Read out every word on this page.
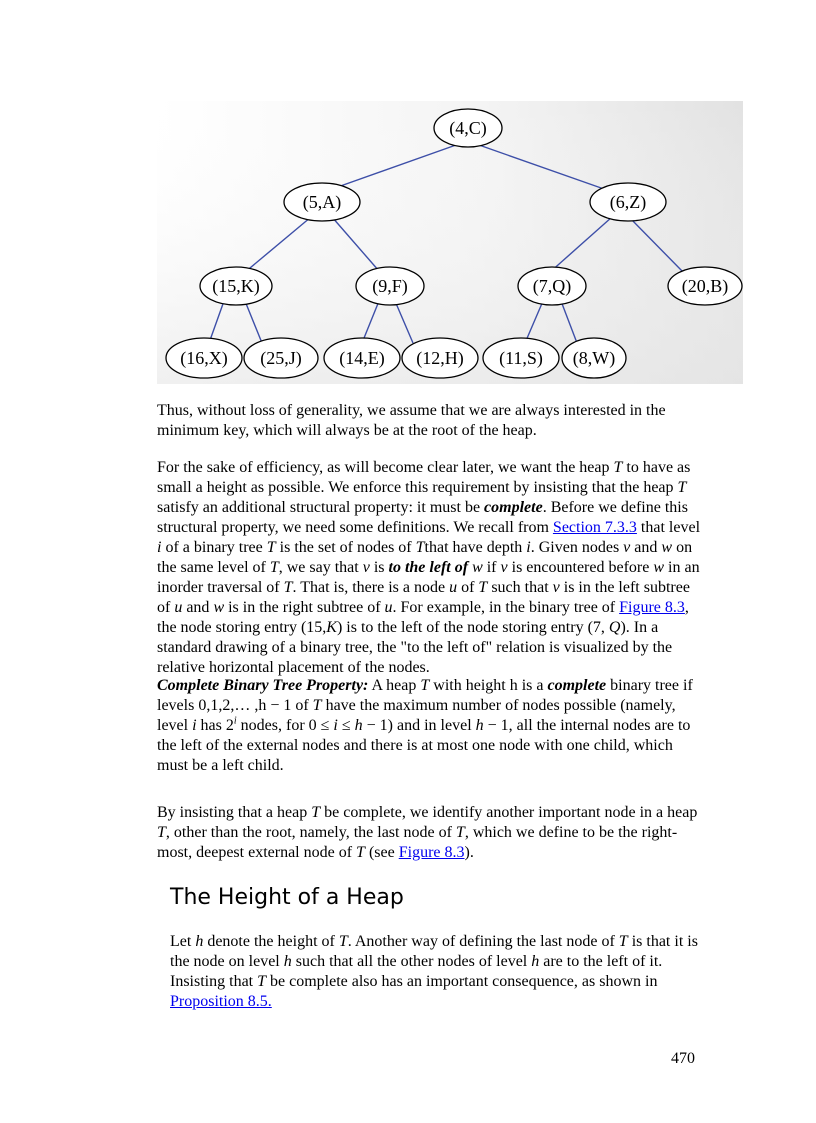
(4,C)
(5,A)	(6,Z)
(15,K)	(9,F)	(7,Q)	(20,B)
(16,X) (25,J) (14,E) (12,H) (11,S) (8,W)

Thus, without loss of generality, we assume that we are always interested in the minimum key, which will always be at the root of the heap.

For the sake of efficiency, as will become clear later, we want the heap T to have as small a height as possible. We enforce this requirement by insisting that the heap T satisfy an additional structural property: it must be complete. Before we define this structural property, we need some definitions. We recall from Section 7.3.3 that level i of a binary tree T is the set of nodes of Tthat have depth i. Given nodes v and w on the same level of T, we say that v is to the left of w if v is encountered before w in an inorder traversal of T. That is, there is a node u of T such that v is in the left subtree of u and w is in the right subtree of u. For example, in the binary tree of Figure 8.3, the node storing entry (15,K) is to the left of the node storing entry (7, Q). In a standard drawing of a binary tree, the "to the left of" relation is visualized by the relative horizontal placement of the nodes.

Complete Binary Tree Property: A heap T with height h is a complete binary tree if levels 0,1,2,… ,h − 1 of T have the maximum number of nodes possible (namely, level i has 2$^i$ nodes, for 0 ≤ i ≤ h − 1) and in level h − 1, all the internal nodes are to the left of the external nodes and there is at most one node with one child, which must be a left child.

By insisting that a heap T be complete, we identify another important node in a heap T, other than the root, namely, the last node of T, which we define to be the right-most, deepest external node of T (see Figure 8.3).

The Height of a Heap

Let h denote the height of T. Another way of defining the last node of T is that it is the node on level h such that all the other nodes of level h are to the left of it. Insisting that T be complete also has an important consequence, as shown in Proposition 8.5.

470
